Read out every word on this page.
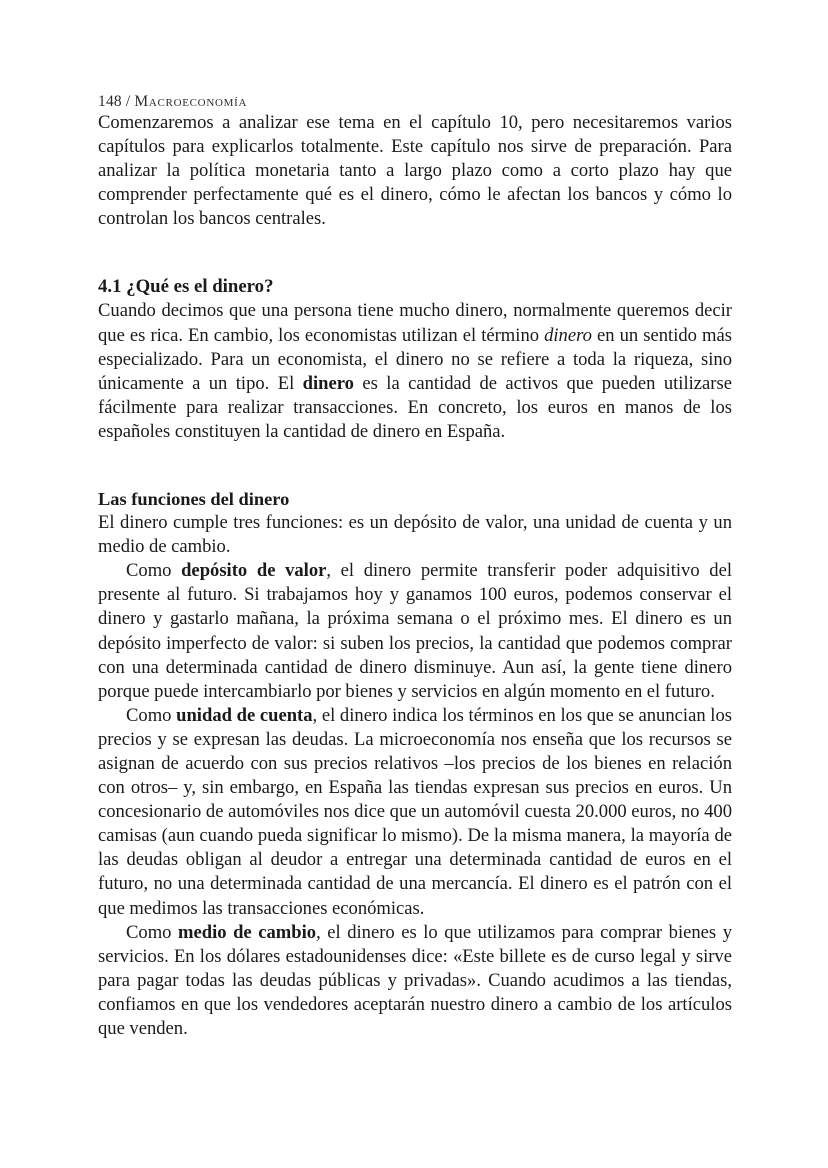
148 / Macroeconomía

Comenzaremos a analizar ese tema en el capítulo 10, pero necesitaremos varios capítulos para explicarlos totalmente. Este capítulo nos sirve de preparación. Para analizar la política monetaria tanto a largo plazo como a corto plazo hay que comprender perfectamente qué es el dinero, cómo le afectan los bancos y cómo lo controlan los bancos centrales.

4.1 ¿Qué es el dinero?

Cuando decimos que una persona tiene mucho dinero, normalmente queremos decir que es rica. En cambio, los economistas utilizan el término dinero en un sentido más especializado. Para un economista, el dinero no se refiere a toda la riqueza, sino únicamente a un tipo. El dinero es la cantidad de activos que pueden utilizarse fácilmente para realizar transacciones. En concreto, los euros en manos de los españoles constituyen la cantidad de dinero en España.

Las funciones del dinero

El dinero cumple tres funciones: es un depósito de valor, una unidad de cuenta y un medio de cambio.

Como depósito de valor, el dinero permite transferir poder adquisitivo del presente al futuro. Si trabajamos hoy y ganamos 100 euros, podemos conservar el dinero y gastarlo mañana, la próxima semana o el próximo mes. El dinero es un depósito imperfecto de valor: si suben los precios, la cantidad que podemos comprar con una determinada cantidad de dinero disminuye. Aun así, la gente tiene dinero porque puede intercambiarlo por bienes y servicios en algún momento en el futuro.

Como unidad de cuenta, el dinero indica los términos en los que se anuncian los precios y se expresan las deudas. La microeconomía nos enseña que los recursos se asignan de acuerdo con sus precios relativos –los precios de los bienes en relación con otros– y, sin embargo, en España las tiendas expresan sus precios en euros. Un concesionario de automóviles nos dice que un automóvil cuesta 20.000 euros, no 400 camisas (aun cuando pueda significar lo mismo). De la misma manera, la mayoría de las deudas obligan al deudor a entregar una determinada cantidad de euros en el futuro, no una determinada cantidad de una mercancía. El dinero es el patrón con el que medimos las transacciones económicas.

Como medio de cambio, el dinero es lo que utilizamos para comprar bienes y servicios. En los dólares estadounidenses dice: «Este billete es de curso legal y sirve para pagar todas las deudas públicas y privadas». Cuando acudimos a las tiendas, confiamos en que los vendedores aceptarán nuestro dinero a cambio de los artículos que venden.
